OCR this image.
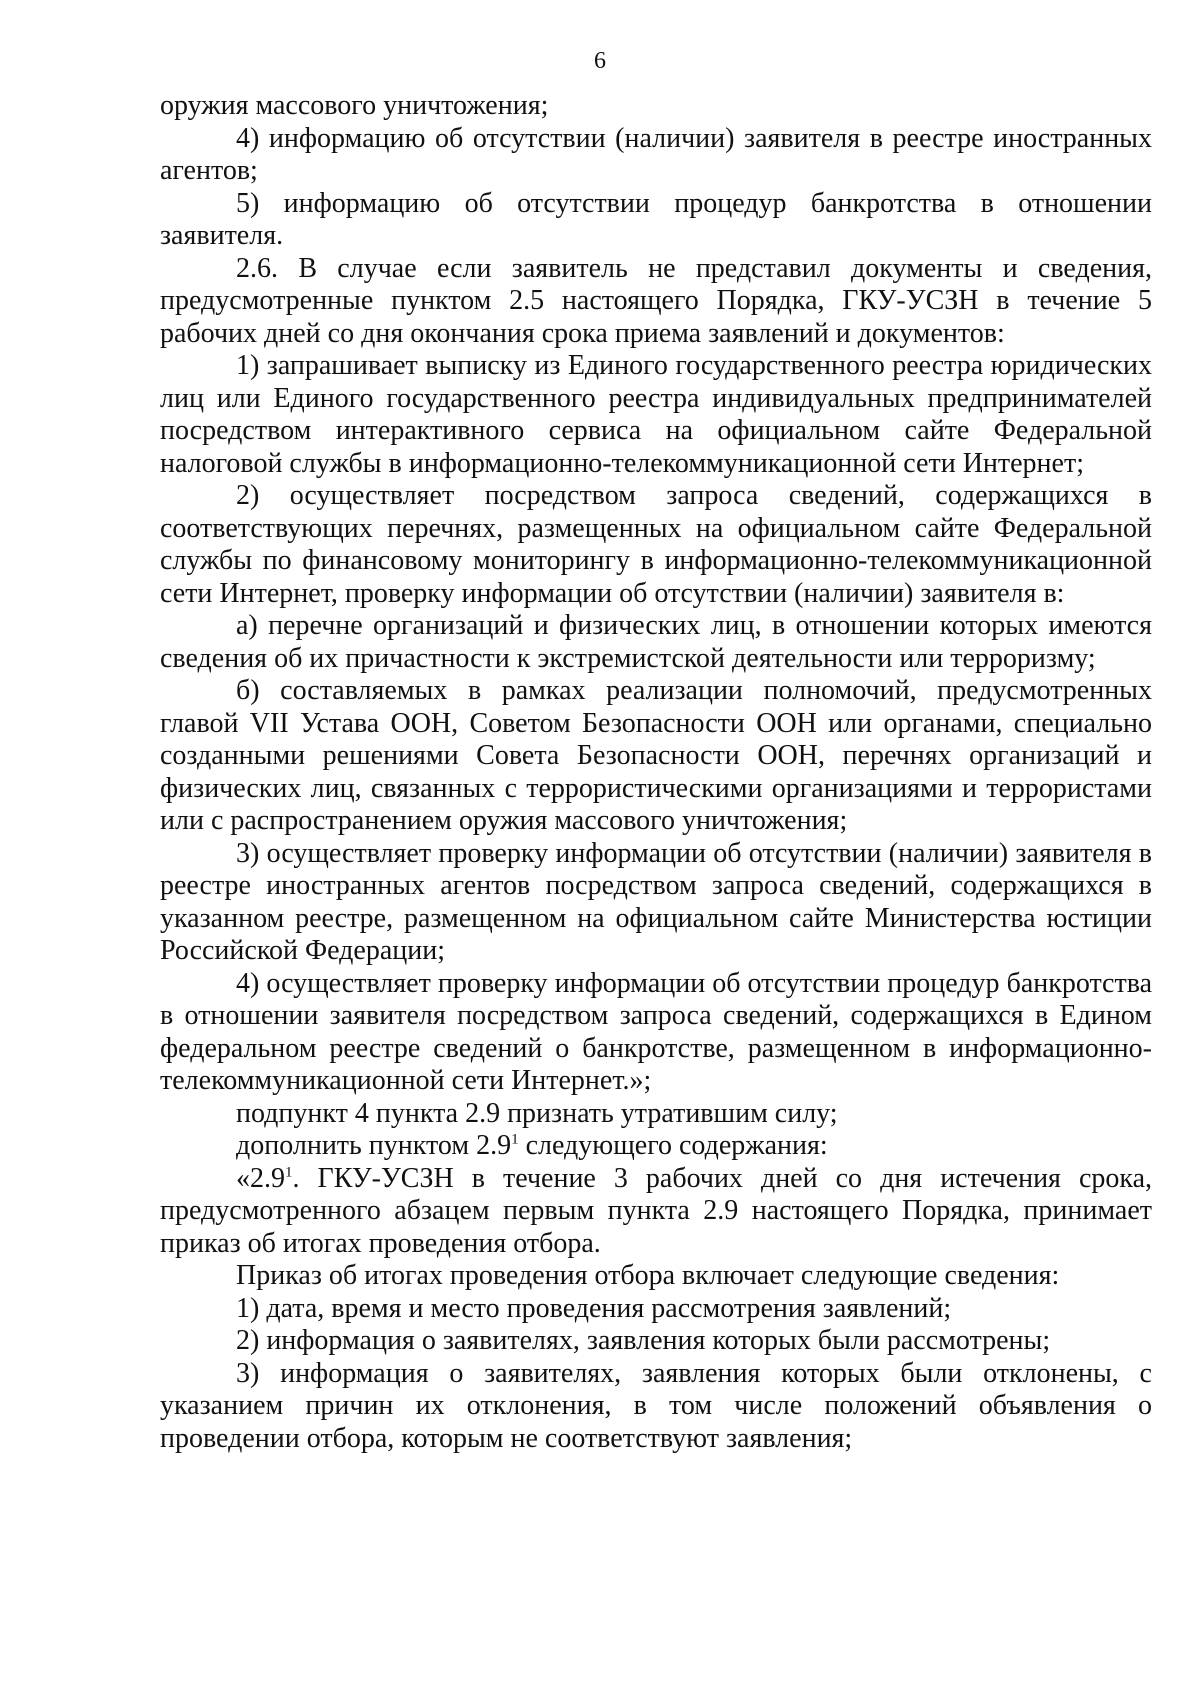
6

оружия массового уничтожения;

4) информацию об отсутствии (наличии) заявителя в реестре иностранных агентов;

5) информацию об отсутствии процедур банкротства в отношении заявителя.

2.6. В случае если заявитель не представил документы и сведения, предусмотренные пунктом 2.5 настоящего Порядка, ГКУ-УСЗН в течение 5 рабочих дней со дня окончания срока приема заявлений и документов:

1) запрашивает выписку из Единого государственного реестра юридических лиц или Единого государственного реестра индивидуальных предпринимателей посредством интерактивного сервиса на официальном сайте Федеральной налоговой службы в информационно-телекоммуникационной сети Интернет;

2) осуществляет посредством запроса сведений, содержащихся в соответствующих перечнях, размещенных на официальном сайте Федеральной службы по финансовому мониторингу в информационно-телекоммуникационной сети Интернет, проверку информации об отсутствии (наличии) заявителя в:

а) перечне организаций и физических лиц, в отношении которых имеются сведения об их причастности к экстремистской деятельности или терроризму;

б) составляемых в рамках реализации полномочий, предусмотренных главой VII Устава ООН, Советом Безопасности ООН или органами, специально созданными решениями Совета Безопасности ООН, перечнях организаций и физических лиц, связанных с террористическими организациями и террористами или с распространением оружия массового уничтожения;

3) осуществляет проверку информации об отсутствии (наличии) заявителя в реестре иностранных агентов посредством запроса сведений, содержащихся в указанном реестре, размещенном на официальном сайте Министерства юстиции Российской Федерации;

4) осуществляет проверку информации об отсутствии процедур банкротства в отношении заявителя посредством запроса сведений, содержащихся в Едином федеральном реестре сведений о банкротстве, размещенном в информационно-телекоммуникационной сети Интернет.»;

подпункт 4 пункта 2.9 признать утратившим силу;

дополнить пунктом $2.9^1$ следующего содержания:

«$2.9^1$. ГКУ-УСЗН в течение 3 рабочих дней со дня истечения срока, предусмотренного абзацем первым пункта 2.9 настоящего Порядка, принимает приказ об итогах проведения отбора.

Приказ об итогах проведения отбора включает следующие сведения:

1) дата, время и место проведения рассмотрения заявлений;

2) информация о заявителях, заявления которых были рассмотрены;

3) информация о заявителях, заявления которых были отклонены, с указанием причин их отклонения, в том числе положений объявления о проведении отбора, которым не соответствуют заявления;
